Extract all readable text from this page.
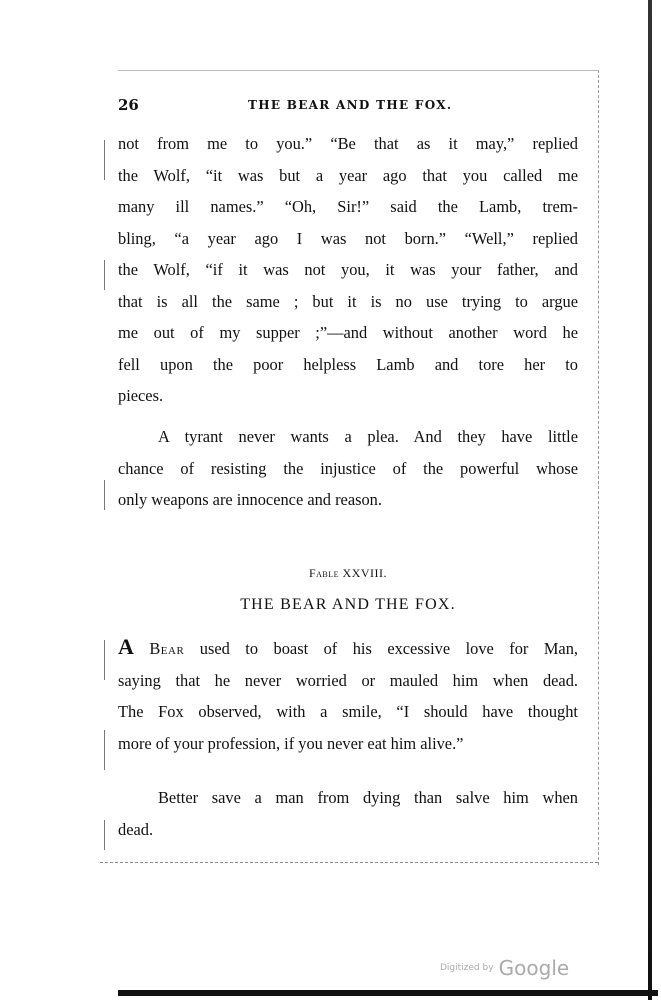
26	THE BEAR AND THE FOX.
not from me to you.” “Be that as it may,” replied
the Wolf, “it was but a year ago that you called me
many ill names.” “Oh, Sir!” said the Lamb, trem-
bling, “a year ago I was not born.” “Well,” replied
the Wolf, “if it was not you, it was your father, and
that is all the same ; but it is no use trying to argue
me out of my supper ;”—and without another word he
fell upon the poor helpless Lamb and tore her to
pieces.
A tyrant never wants a plea. And they have little
chance of resisting the injustice of the powerful whose
only weapons are innocence and reason.
Fable XXVIII.
THE BEAR AND THE FOX.
A Bear used to boast of his excessive love for Man,
saying that he never worried or mauled him when dead.
The Fox observed, with a smile, “I should have thought
more of your profession, if you never eat him alive.”
Better save a man from dying than salve him when
dead.
Digitized by Google
